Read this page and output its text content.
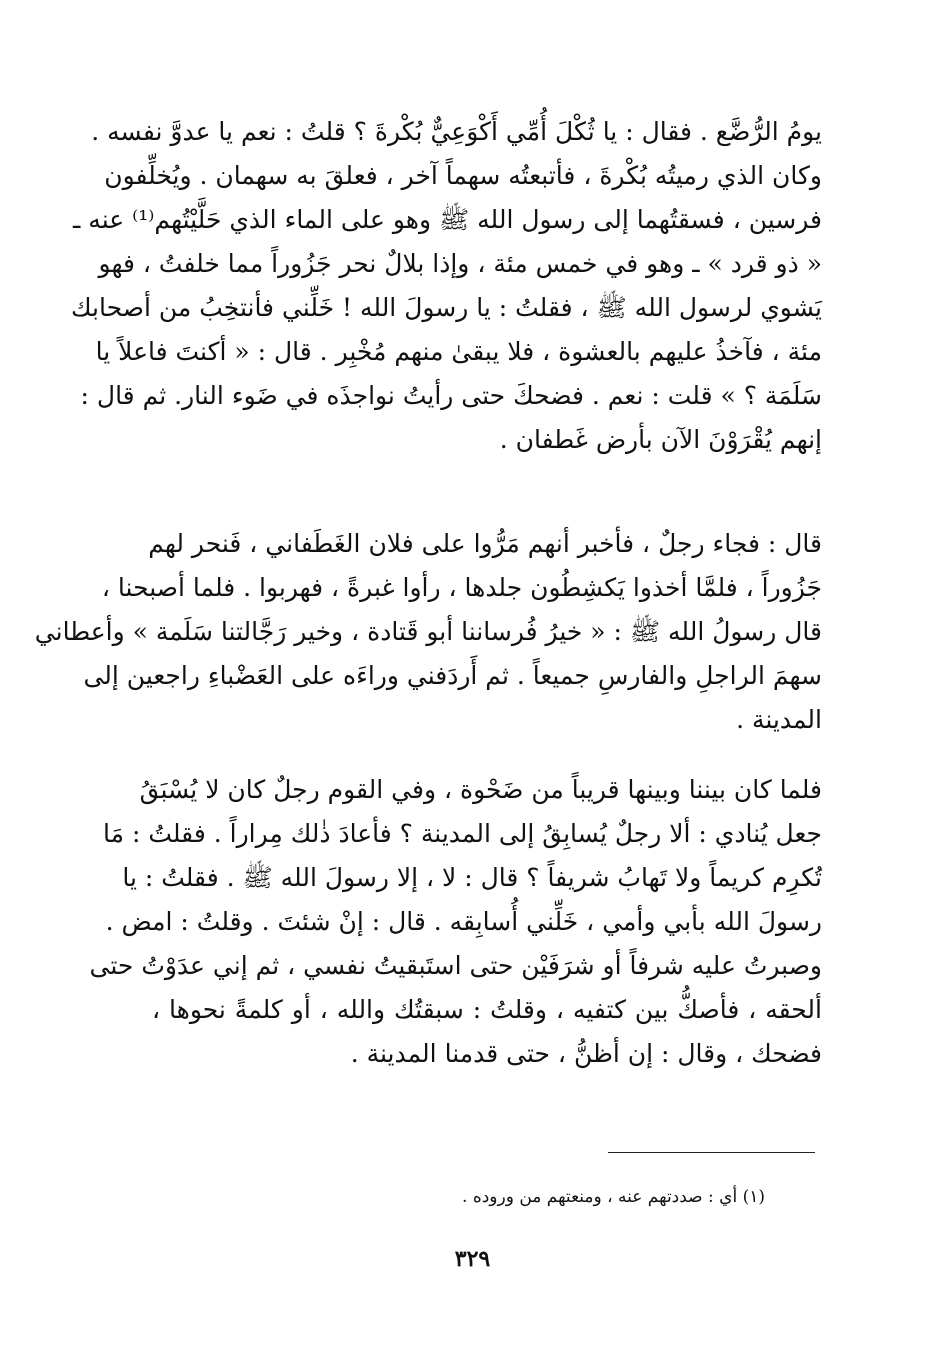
يومُ الرُّضَّع . فقال : يا ثُكْلَ أُمِّي أَكْوَعِيٌّ بُكْرةَ ؟ قلتُ : نعم يا عدوَّ نفسه .
وكان الذي رميتُه بُكْرةَ ، فأتبعتُه سهماً آخر ، فعلقَ به سهمان . ويُخلِّفون
فرسين ، فسقتُهما إلى رسول الله ﷺ وهو على الماء الذي حَلَّيْتُهم⁽¹⁾ عنه ـ
« ذو قرد » ـ وهو في خمس مئة ، وإذا بلالٌ نحر جَزُوراً مما خلفتُ ، فهو
يَشوي لرسول الله ﷺ ، فقلتُ : يا رسولَ الله ! خَلِّني فأنتخِبُ من أصحابك
مئة ، فآخذُ عليهم بالعشوة ، فلا يبقىٰ منهم مُخْبِر . قال : « أكنتَ فاعلاً يا
سَلَمَة ؟ » قلت : نعم . فضحكَ حتى رأيتُ نواجذَه في ضَوء النار. ثم قال :
إنهم يُقْرَوْنَ الآن بأرض غَطفان .
قال : فجاء رجلٌ ، فأخبر أنهم مَرُّوا على فلان الغَطَفاني ، فَنحر لهم
جَزُوراً ، فلمَّا أخذوا يَكشِطُون جلدها ، رأوا غبرةً ، فهربوا . فلما أصبحنا ،
قال رسولُ الله ﷺ : « خيرُ فُرساننا أبو قَتادة ، وخير رَجَّالتنا سَلَمة » وأعطاني
سهمَ الراجلِ والفارسِ جميعاً . ثم أَردَفني وراءَه على العَضْباءِ راجعين إلى
المدينة .
فلما كان بيننا وبينها قريباً من ضَحْوة ، وفي القوم رجلٌ كان لا يُسْبَقُ
جعل يُنادي : ألا رجلٌ يُسابِقُ إلى المدينة ؟ فأعادَ ذٰلك مِراراً . فقلتُ : مَا
تُكرِم كريماً ولا تَهابُ شريفاً ؟ قال : لا ، إلا رسولَ الله ﷺ . فقلتُ : يا
رسولَ الله بأبي وأمي ، خَلِّني أُسابِقه . قال : إنْ شئتَ . وقلتُ : امض .
وصبرتُ عليه شرفاً أو شرَفَيْن حتى استَبقيتُ نفسي ، ثم إني عدَوْتُ حتى
ألحقه ، فأصكُّ بين كتفيه ، وقلتُ : سبقتُك والله ، أو كلمةً نحوها ،
فضحك ، وقال : إن أظنُّ ، حتى قدمنا المدينة .
(١) أي : صددتهم عنه ، ومنعتهم من وروده .
٣٢٩
